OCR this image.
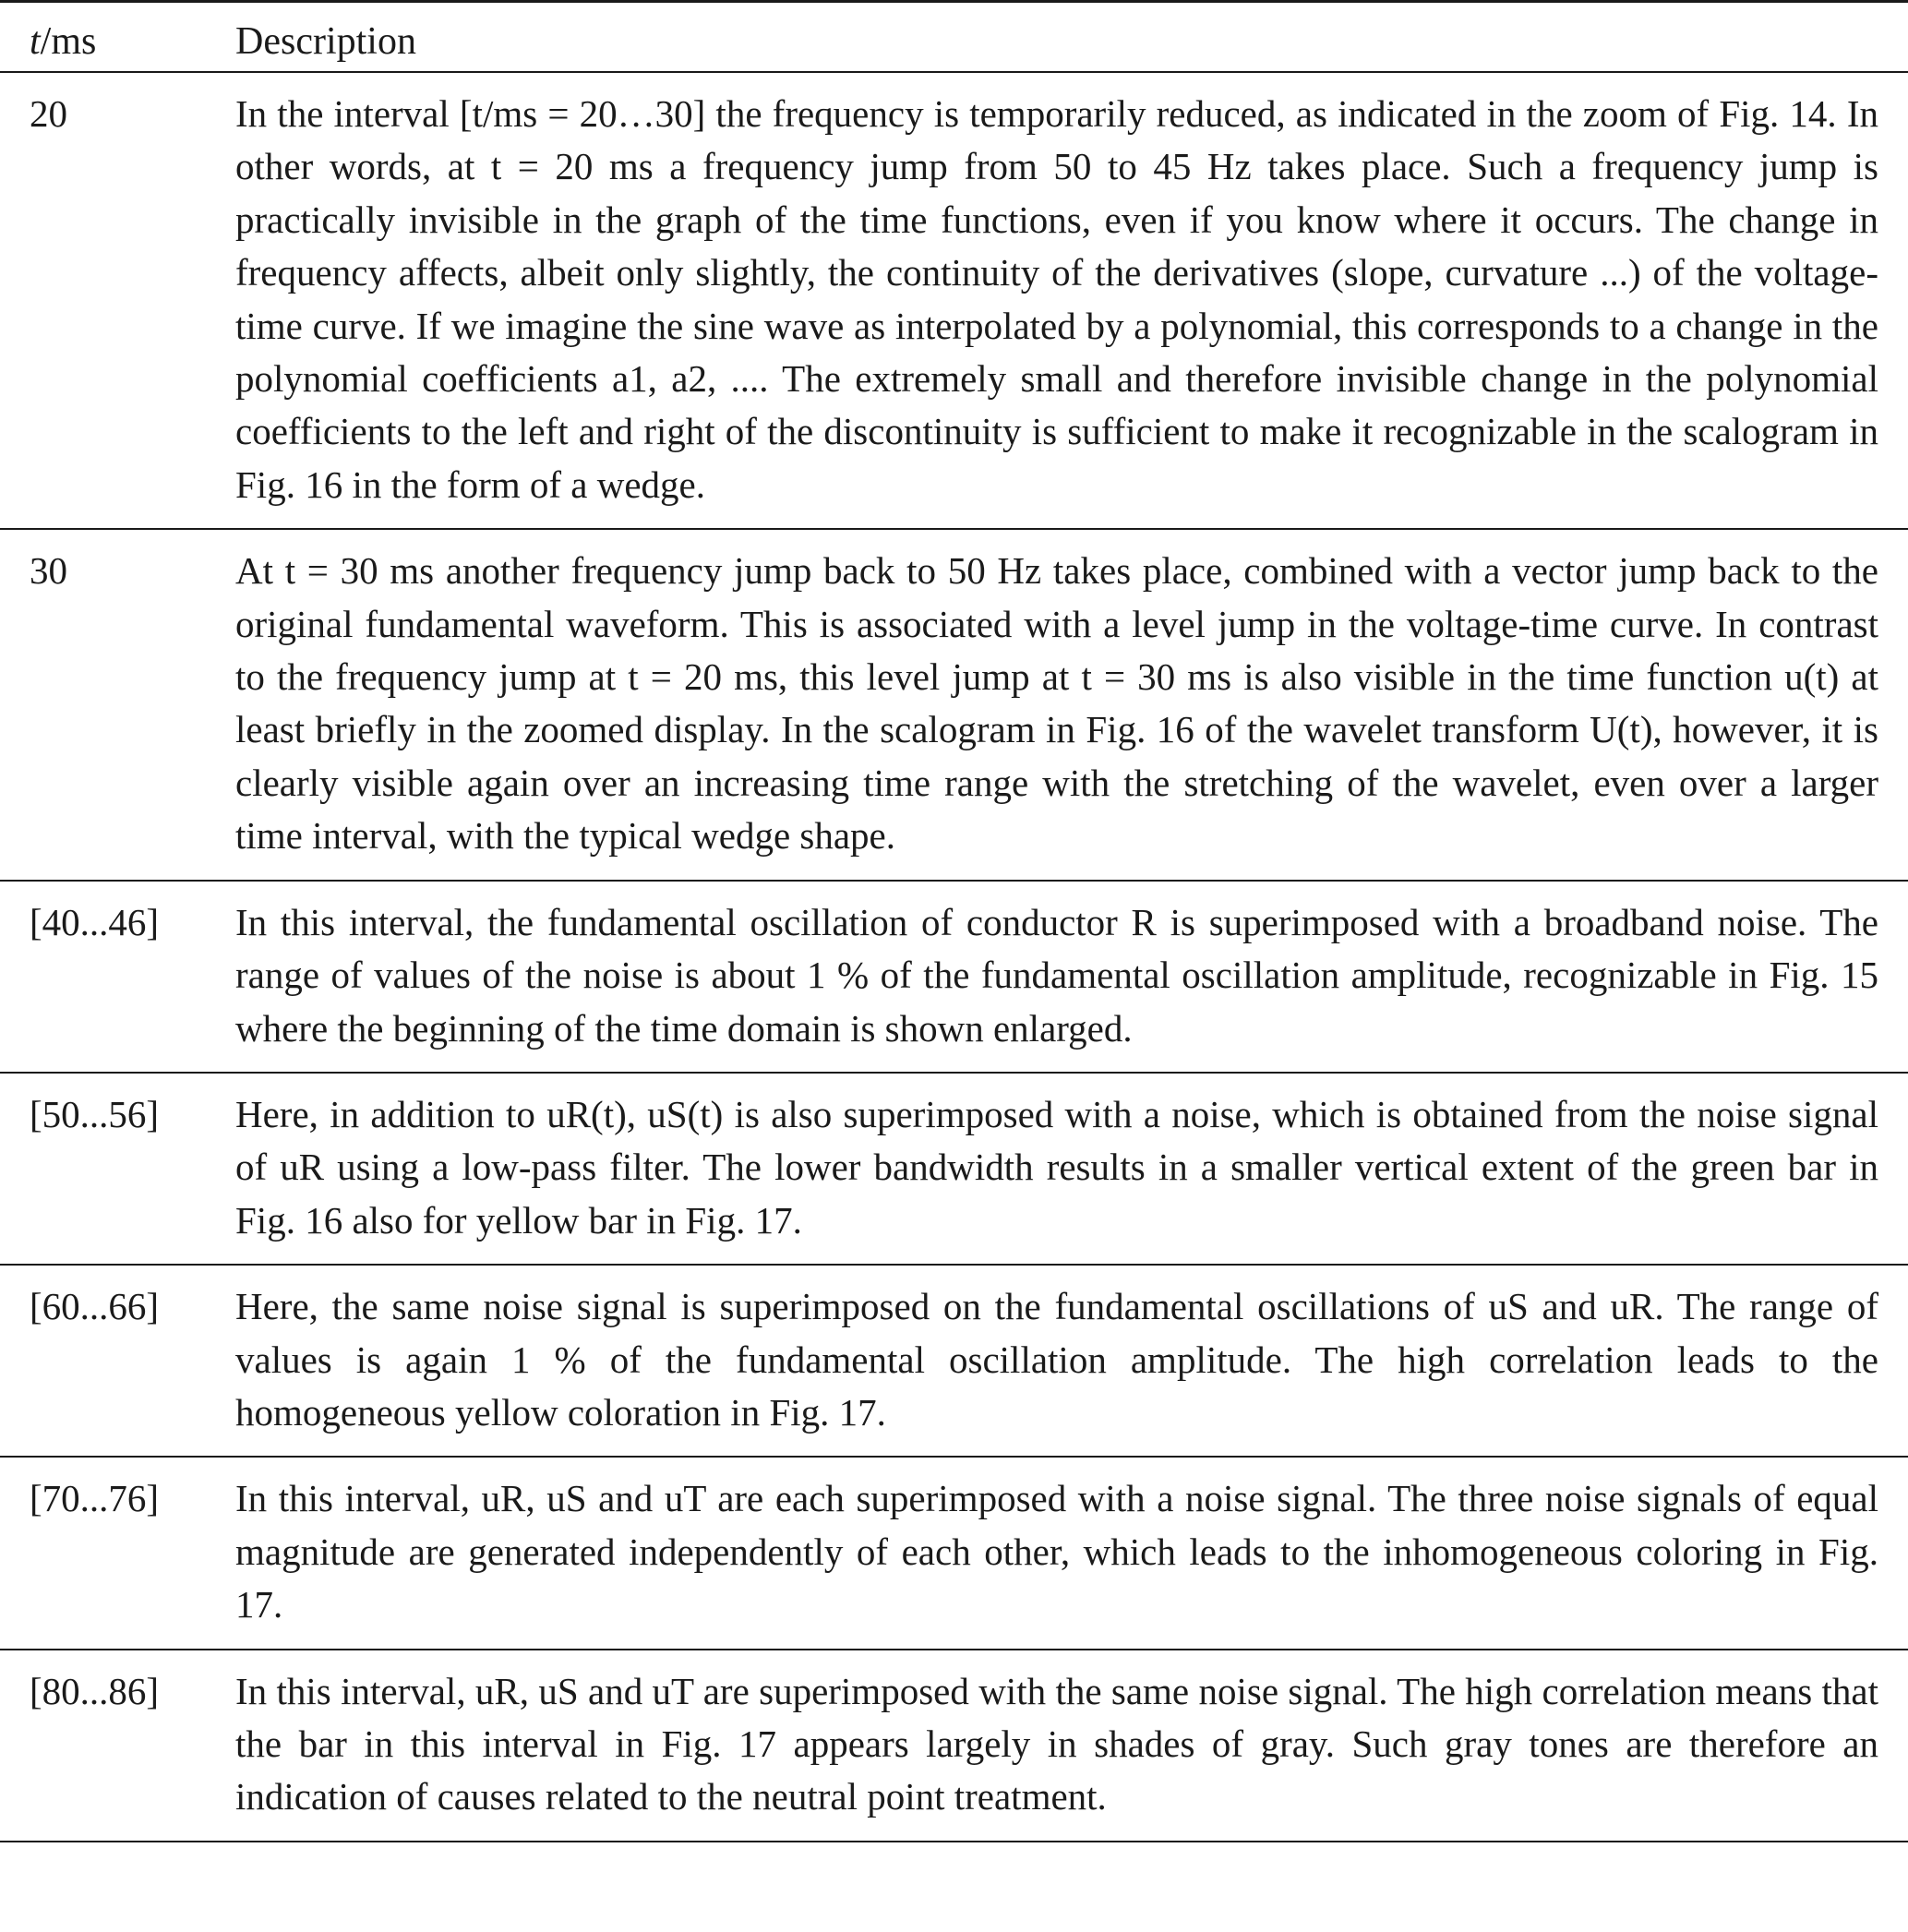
t/ms	Description
20	In the interval [t/ms = 20…30] the frequency is temporarily reduced, as indicated in the zoom of Fig. 14. In other words, at t = 20 ms a frequency jump from 50 to 45 Hz takes place. Such a frequency jump is practically invisible in the graph of the time functions, even if you know where it occurs. The change in frequency affects, albeit only slightly, the continuity of the derivatives (slope, curvature ...) of the voltage-time curve. If we imagine the sine wave as interpolated by a polynomial, this corresponds to a change in the polynomial coefficients a1, a2, .... The extremely small and therefore invisible change in the polynomial coefficients to the left and right of the discontinuity is sufficient to make it recognizable in the scalogram in Fig. 16 in the form of a wedge.
30	At t = 30 ms another frequency jump back to 50 Hz takes place, combined with a vector jump back to the original fundamental waveform. This is associated with a level jump in the voltage-time curve. In contrast to the frequency jump at t = 20 ms, this level jump at t = 30 ms is also visible in the time function u(t) at least briefly in the zoomed display. In the scalogram in Fig. 16 of the wavelet transform U(t), however, it is clearly visible again over an increasing time range with the stretching of the wavelet, even over a larger time interval, with the typical wedge shape.
[40...46]	In this interval, the fundamental oscillation of conductor R is superimposed with a broadband noise. The range of values of the noise is about 1 % of the fundamental oscillation amplitude, recognizable in Fig. 15 where the beginning of the time domain is shown enlarged.
[50...56]	Here, in addition to uR(t), uS(t) is also superimposed with a noise, which is obtained from the noise signal of uR using a low-pass filter. The lower bandwidth results in a smaller vertical extent of the green bar in Fig. 16 also for yellow bar in Fig. 17.
[60...66]	Here, the same noise signal is superimposed on the fundamental oscillations of uS and uR. The range of values is again 1 % of the fundamental oscillation amplitude. The high correlation leads to the homogeneous yellow coloration in Fig. 17.
[70...76]	In this interval, uR, uS and uT are each superimposed with a noise signal. The three noise signals of equal magnitude are generated independently of each other, which leads to the inhomogeneous coloring in Fig. 17.
[80...86]	In this interval, uR, uS and uT are superimposed with the same noise signal. The high correlation means that the bar in this interval in Fig. 17 appears largely in shades of gray. Such gray tones are therefore an indication of causes related to the neutral point treatment.
